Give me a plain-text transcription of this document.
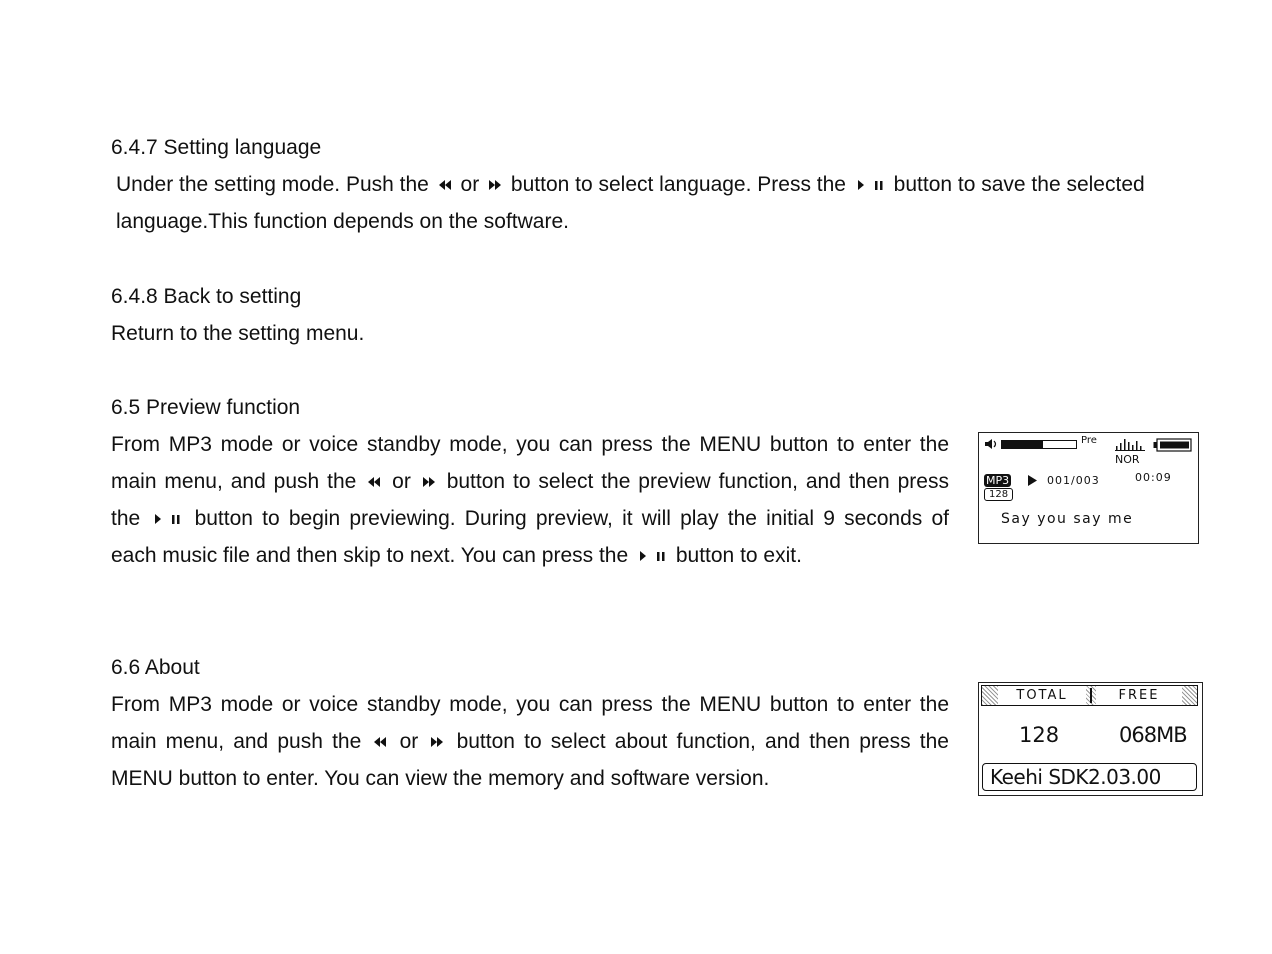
6.4.7 Setting language

Under the setting mode. Push the or button to select language. Press the button to save the selected language.This function depends on the software.

6.4.8 Back to setting

Return to the setting menu.

6.5 Preview function

From MP3 mode or voice standby mode, you can press the MENU button to enter the main menu, and push the or button to select the preview function, and then press the	button to begin previewing. During preview, it will play the initial 9 seconds of each music file and then skip to next. You can press the button to exit.

6.6 About

From MP3 mode or voice standby mode, you can press the MENU button to enter the main menu, and push the or button to select about function, and then press the MENU button to enter. You can view the memory and software version.

Pre
NOR
MP3	001/003	00:09
128
Say you say me
TOTAL	FREE
128	068MB
Keehi SDK2.03.00
